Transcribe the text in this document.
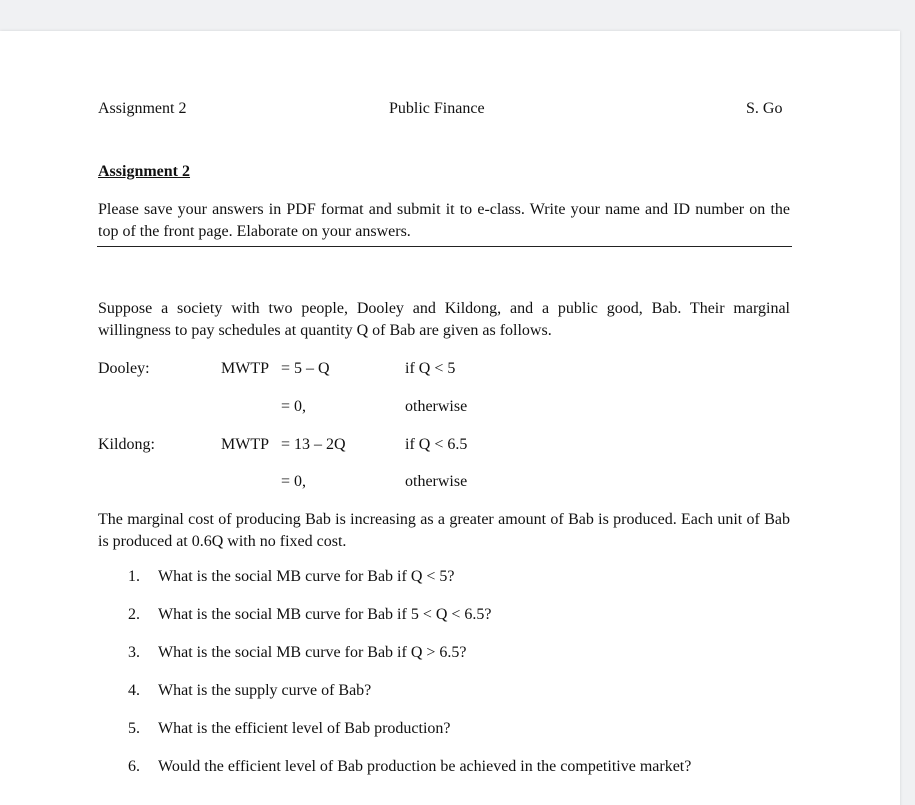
Assignment 2	Public Finance	S. Go
Assignment 2
Please save your answers in PDF format and submit it to e-class. Write your name and ID number on the top of the front page. Elaborate on your answers.
Suppose a society with two people, Dooley and Kildong, and a public good, Bab. Their marginal willingness to pay schedules at quantity Q of Bab are given as follows.
Dooley:	MWTP = 5 – Q	if Q < 5
= 0,	otherwise
Kildong:	MWTP = 13 – 2Q	if Q < 6.5
= 0,	otherwise
The marginal cost of producing Bab is increasing as a greater amount of Bab is produced. Each unit of Bab is produced at 0.6Q with no fixed cost.
1.	What is the social MB curve for Bab if Q < 5?
2.	What is the social MB curve for Bab if 5 < Q < 6.5?
3.	What is the social MB curve for Bab if Q > 6.5?
4.	What is the supply curve of Bab?
5.	What is the efficient level of Bab production?
6.	Would the efficient level of Bab production be achieved in the competitive market?
